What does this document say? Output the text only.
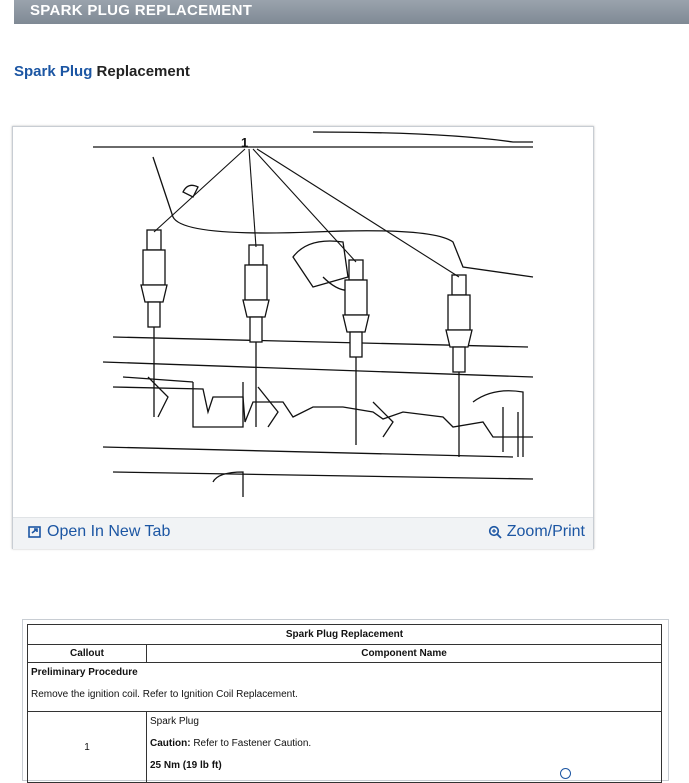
SPARK PLUG REPLACEMENT
Spark Plug Replacement
1
Open In New Tab	Zoom/Print
Spark Plug Replacement	
Callout	Component Name

Preliminary Procedure
Remove the ignition coil. Refer to Ignition Coil Replacement.	

1	Spark Plug
Caution: Refer to Fastener Caution.
25 Nm (19 lb ft)
